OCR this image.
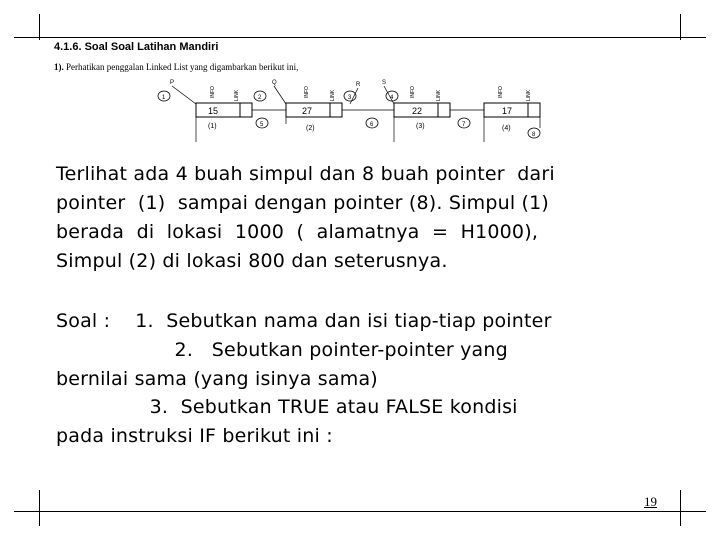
4.1.6. Soal Soal Latihan Mandiri
1). Perhatikan penggalan Linked List yang digambarkan berikut ini,
15
(1)
27
(2)
22
(3)
17
(4)
INFO	LINK	INFO	LINK	INFO	LINK	INFO	LINK
P	Q	R	S
1	2	3	4
5	6	7
8
Terlihat ada 4 buah simpul dan 8 buah pointer  dari
pointer  (1)  sampai dengan pointer (8). Simpul (1)
berada  di  lokasi  1000  (  alamatnya  =  H1000),
Simpul (2) di lokasi 800 dan seterusnya.
Soal :    1.  Sebutkan nama dan isi tiap-tiap pointer
2.   Sebutkan pointer-pointer yang
bernilai sama (yang isinya sama)
3.  Sebutkan TRUE atau FALSE kondisi
pada instruksi IF berikut ini :
19
